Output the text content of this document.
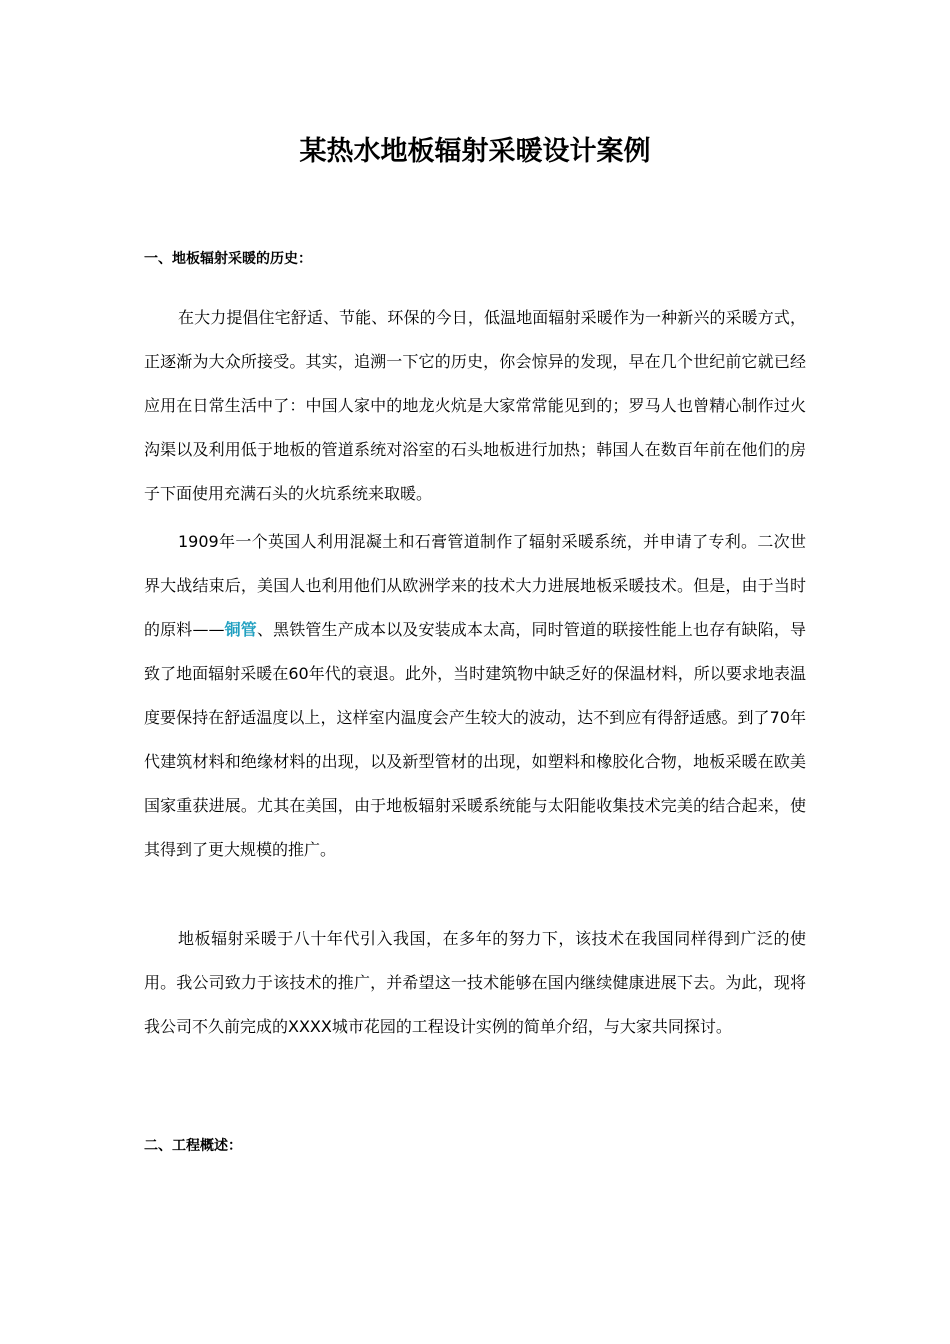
某热水地板辐射采暖设计案例

一、地板辐射采暖的历史：

在大力提倡住宅舒适、节能、环保的今日，低温地面辐射采暖作为一种新兴的采暖方式，正逐渐为大众所接受。其实，追溯一下它的历史，你会惊异的发现，早在几个世纪前它就已经应用在日常生活中了：中国人家中的地龙火炕是大家常常能见到的；罗马人也曾精心制作过火沟渠以及利用低于地板的管道系统对浴室的石头地板进行加热；韩国人在数百年前在他们的房子下面使用充满石头的火坑系统来取暖。

1909年一个英国人利用混凝土和石膏管道制作了辐射采暖系统，并申请了专利。二次世界大战结束后，美国人也利用他们从欧洲学来的技术大力进展地板采暖技术。但是，由于当时的原料——铜管、黑铁管生产成本以及安装成本太高，同时管道的联接性能上也存有缺陷，导致了地面辐射采暖在60年代的衰退。此外，当时建筑物中缺乏好的保温材料，所以要求地表温度要保持在舒适温度以上，这样室内温度会产生较大的波动，达不到应有得舒适感。到了70年代建筑材料和绝缘材料的出现，以及新型管材的出现，如塑料和橡胶化合物，地板采暖在欧美国家重获进展。尤其在美国，由于地板辐射采暖系统能与太阳能收集技术完美的结合起来，使其得到了更大规模的推广。

地板辐射采暖于八十年代引入我国，在多年的努力下，该技术在我国同样得到广泛的使用。我公司致力于该技术的推广，并希望这一技术能够在国内继续健康进展下去。为此，现将我公司不久前完成的XXXX城市花园的工程设计实例的简单介绍，与大家共同探讨。

二、工程概述：
